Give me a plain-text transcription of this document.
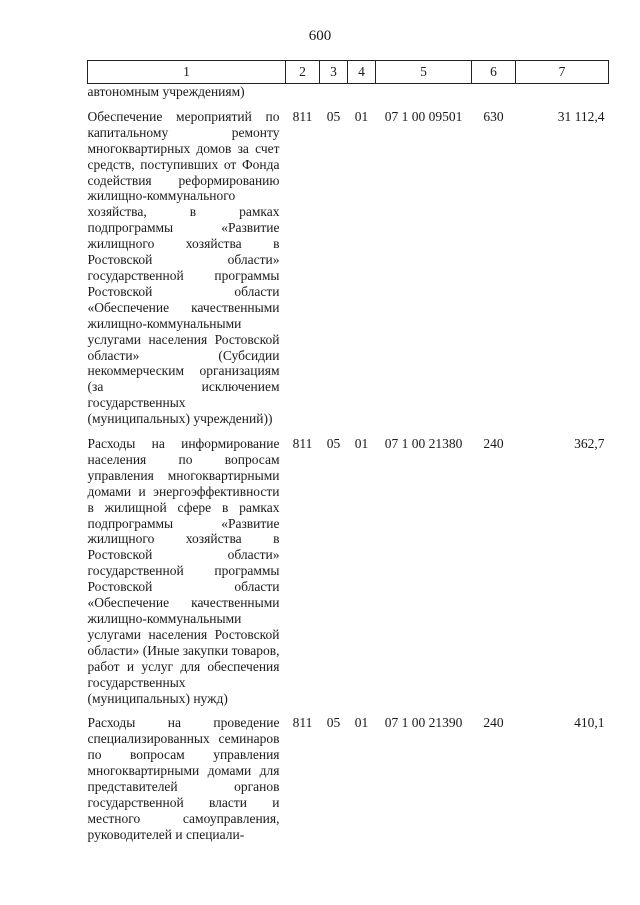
600
1	2	3	4	5	6	7
автономным учреждениям)						
Обеспечение мероприятий по капитальному ремонту многоквартирных домов за счет средств, поступивших от Фонда содействия реформированию жилищно-коммунального хозяйства, в рамках подпрограммы «Развитие жилищного хозяйства в Ростовской области» государственной программы Ростовской области «Обеспечение качественными жилищно-коммунальными услугами населения Ростовской области» (Субсидии некоммерческим организациям (за исключением государственных (муниципальных) учреждений))	811	05	01	07 1 00 09501	630	31 112,4
Расходы на информирование населения по вопросам управления многоквартирными домами и энергоэффективности в жилищной сфере в рамках подпрограммы «Развитие жилищного хозяйства в Ростовской области» государственной программы Ростовской области «Обеспечение качественными жилищно-коммунальными услугами населения Ростовской области» (Иные закупки товаров, работ и услуг для обеспечения государственных (муниципальных) нужд)	811	05	01	07 1 00 21380	240	362,7
Расходы на проведение специализированных семинаров по вопросам управления многоквартирными домами для представителей органов государственной власти и местного самоуправления, руководителей и специали-	811	05	01	07 1 00 21390	240	410,1
